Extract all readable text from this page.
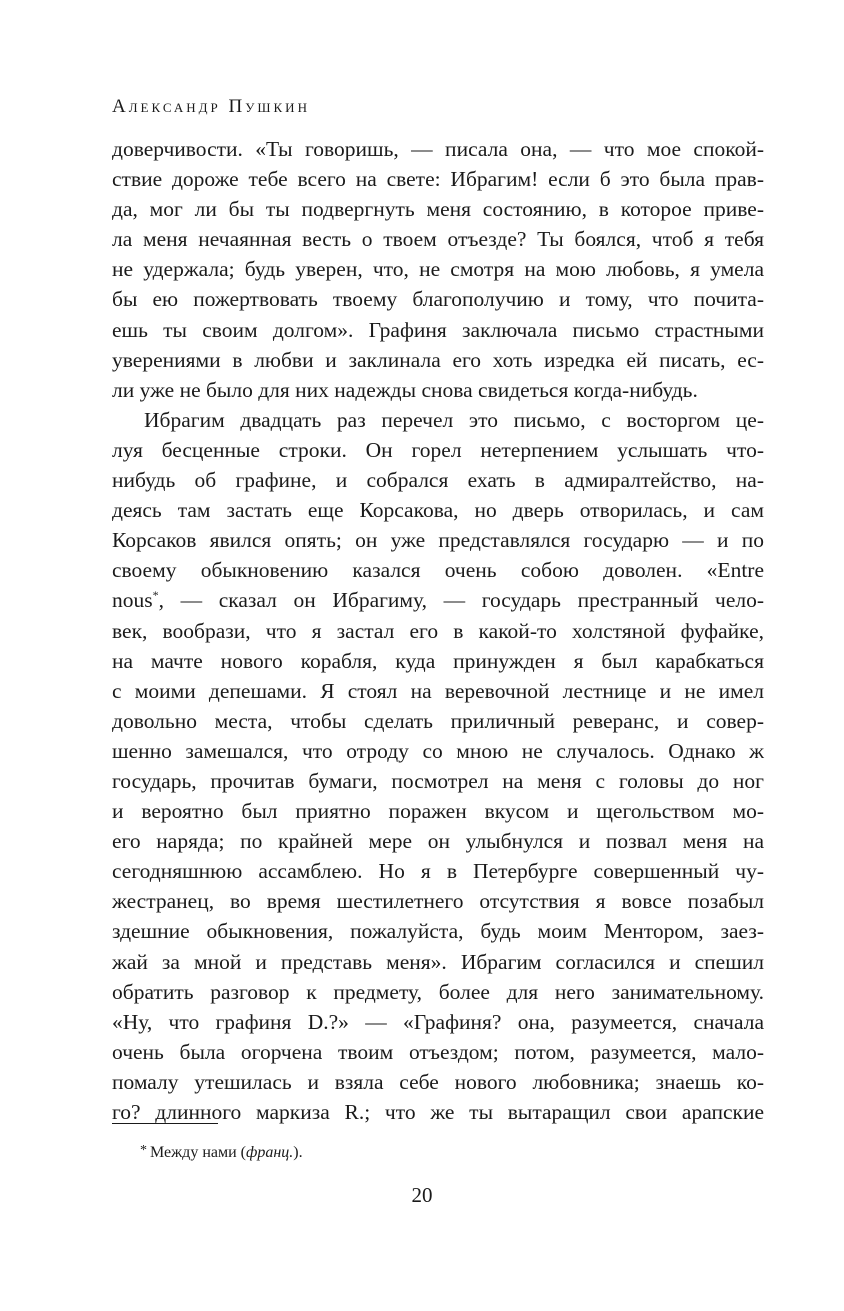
Александр Пушкин
доверчивости. «Ты говоришь, — писала она, — что мое спокой-
ствие дороже тебе всего на свете: Ибрагим! если б это была прав-
да, мог ли бы ты подвергнуть меня состоянию, в которое приве-
ла меня нечаянная весть о твоем отъезде? Ты боялся, чтоб я тебя
не удержала; будь уверен, что, не смотря на мою любовь, я умела
бы ею пожертвовать твоему благополучию и тому, что почита-
ешь ты своим долгом». Графиня заключала письмо страстными
уверениями в любви и заклинала его хоть изредка ей писать, ес-
ли уже не было для них надежды снова свидеться когда-нибудь.
Ибрагим двадцать раз перечел это письмо, с восторгом це-
луя бесценные строки. Он горел нетерпением услышать что-
нибудь об графине, и собрался ехать в адмиралтейство, на-
деясь там застать еще Корсакова, но дверь отворилась, и сам
Корсаков явился опять; он уже представлялся государю — и по
своему обыкновению казался очень собою доволен. «Entre
nous*, — сказал он Ибрагиму, — государь престранный чело-
век, вообрази, что я застал его в какой-то холстяной фуфайке,
на мачте нового корабля, куда принужден я был карабкаться
с моими депешами. Я стоял на веревочной лестнице и не имел
довольно места, чтобы сделать приличный реверанс, и совер-
шенно замешался, что отроду со мною не случалось. Однако ж
государь, прочитав бумаги, посмотрел на меня с головы до ног
и вероятно был приятно поражен вкусом и щегольством мо-
его наряда; по крайней мере он улыбнулся и позвал меня на
сегодняшнюю ассамблею. Но я в Петербурге совершенный чу-
жестранец, во время шестилетнего отсутствия я вовсе позабыл
здешние обыкновения, пожалуйста, будь моим Ментором, заез-
жай за мной и представь меня». Ибрагим согласился и спешил
обратить разговор к предмету, более для него занимательному.
«Ну, что графиня D.?» — «Графиня? она, разумеется, сначала
очень была огорчена твоим отъездом; потом, разумеется, мало-
помалу утешилась и взяла себе нового любовника; знаешь ко-
го? длинного маркиза R.; что же ты вытаращил свои арапские
* Между нами (франц.).
20
